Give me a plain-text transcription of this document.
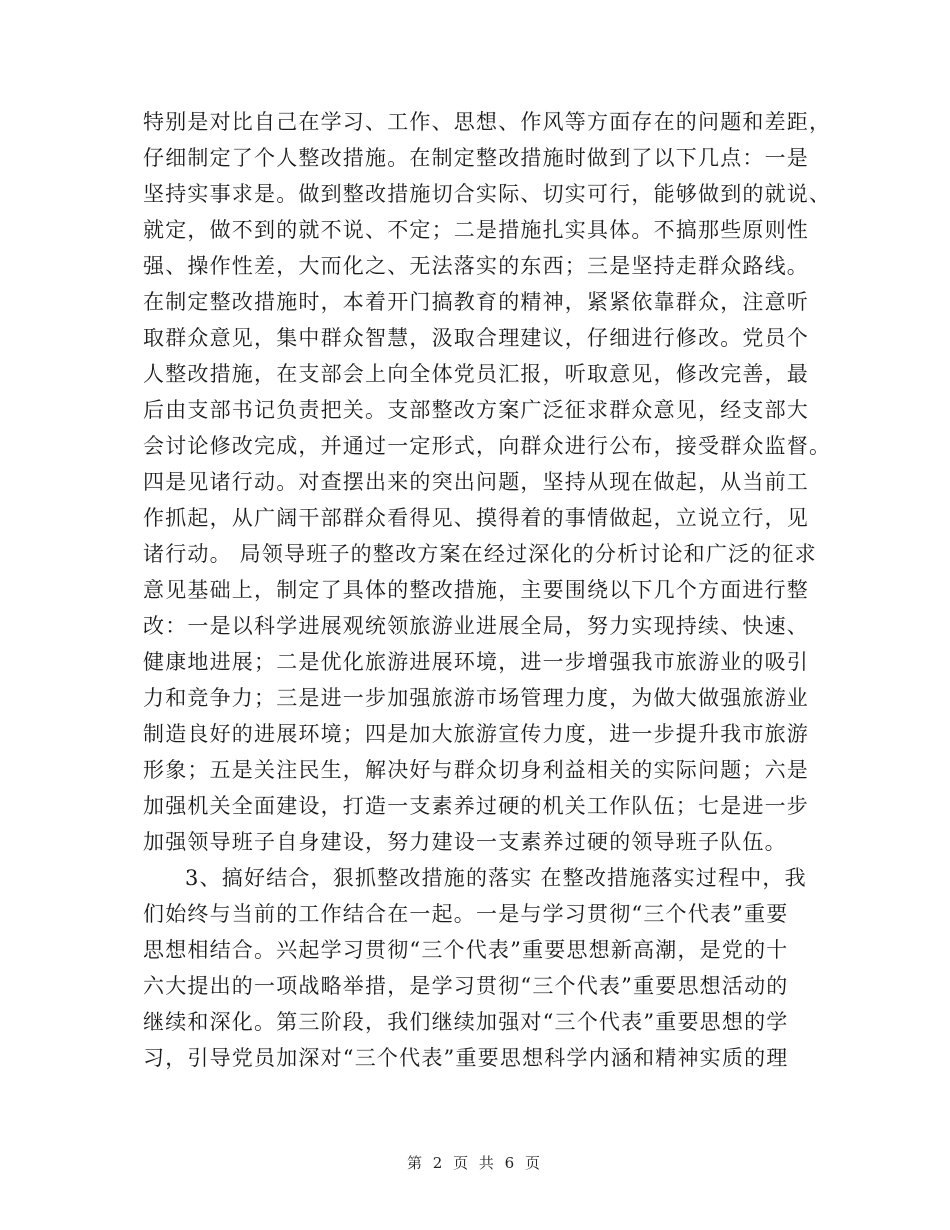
特别是对比自己在学习、工作、思想、作风等方面存在的问题和差距，
仔细制定了个人整改措施。在制定整改措施时做到了以下几点：一是
坚持实事求是。做到整改措施切合实际、切实可行，能够做到的就说、
就定，做不到的就不说、不定；二是措施扎实具体。不搞那些原则性
强、操作性差，大而化之、无法落实的东西；三是坚持走群众路线。
在制定整改措施时，本着开门搞教育的精神，紧紧依靠群众，注意听
取群众意见，集中群众智慧，汲取合理建议，仔细进行修改。党员个
人整改措施，在支部会上向全体党员汇报，听取意见，修改完善，最
后由支部书记负责把关。支部整改方案广泛征求群众意见，经支部大
会讨论修改完成，并通过一定形式，向群众进行公布，接受群众监督。
四是见诸行动。对查摆出来的突出问题，坚持从现在做起，从当前工
作抓起，从广阔干部群众看得见、摸得着的事情做起，立说立行，见
诸行动。 局领导班子的整改方案在经过深化的分析讨论和广泛的征求
意见基础上，制定了具体的整改措施，主要围绕以下几个方面进行整
改：一是以科学进展观统领旅游业进展全局，努力实现持续、快速、
健康地进展；二是优化旅游进展环境，进一步增强我市旅游业的吸引
力和竞争力；三是进一步加强旅游市场管理力度，为做大做强旅游业
制造良好的进展环境；四是加大旅游宣传力度，进一步提升我市旅游
形象；五是关注民生，解决好与群众切身利益相关的实际问题；六是
加强机关全面建设，打造一支素养过硬的机关工作队伍；七是进一步
加强领导班子自身建设，努力建设一支素养过硬的领导班子队伍。
3、搞好结合，狠抓整改措施的落实 在整改措施落实过程中，我
们始终与当前的工作结合在一起。一是与学习贯彻“三个代表”重要
思想相结合。兴起学习贯彻“三个代表”重要思想新高潮，是党的十
六大提出的一项战略举措，是学习贯彻“三个代表”重要思想活动的
继续和深化。第三阶段，我们继续加强对“三个代表”重要思想的学
习，引导党员加深对“三个代表”重要思想科学内涵和精神实质的理
第 2 页 共 6 页
